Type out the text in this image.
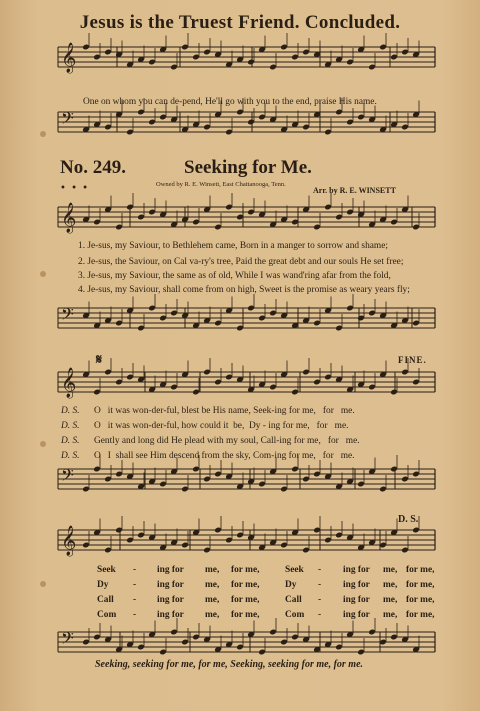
Jesus is the Truest Friend. Concluded.
𝄞
𝄢
𝄞
𝄢
𝄞
𝄢
𝄞
𝄢

One on whom you can de-pend, He'll go with you to the end, praise His name.

No. 249.	Seeking for Me.
• • •	Owned by R. E. Winsett, East Chattanooga, Tenn.
Arr. by R. E. WINSETT
1. Je-sus, my Saviour, to Bethlehem came, Born in a manger to sorrow and shame;
2. Je-sus, the Saviour, on Cal va-ry's tree, Paid the great debt and our souls He set free;
3. Je-sus, my Saviour, the same as of old, While I was wand'ring afar from the fold,
4. Je-sus, my Saviour, shall come from on high, Sweet is the promise as weary years fly;
𝄋	FINE.
D. S. O   it was won-der-ful, blest be His name, Seek-ing for me,   for   me.
D. S. O   it was won-der-ful, how could it  be,  Dy - ing for me,   for   me.
D. S. Gently and long did He plead with my soul, Call-ing for me,   for   me.
D. S. O   I  shall see Him descend from the sky, Com-ing for me,   for   me.
D. S.
Seek - ing for me, for me,	Seek - ing for me, for me,
Dy	- ing for me, for me,	Dy - ing for me, for me,
Call - ing for me, for me,	Call - ing for me, for me,
Com - ing for me, for me,	Com - ing for me, for me,
Seeking, seeking for me, for me, Seeking, seeking for me, for me.
